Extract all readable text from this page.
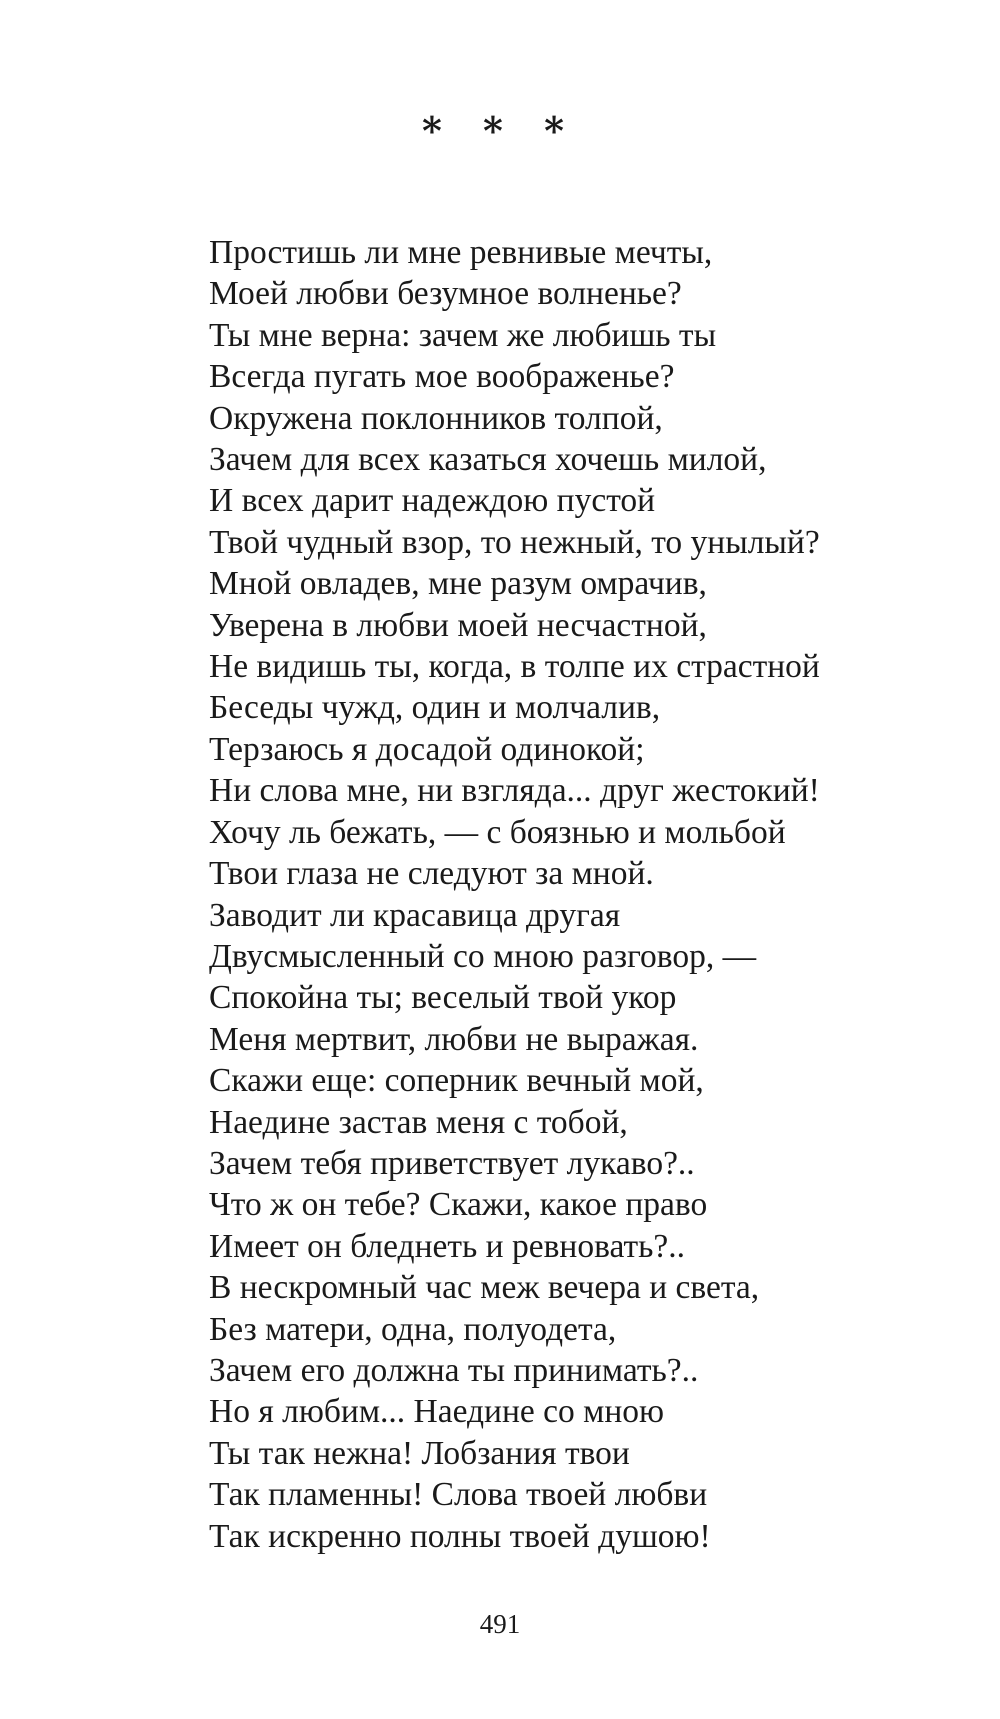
* * *
Простишь ли мне ревнивые мечты,
Моей любви безумное волненье?
Ты мне верна: зачем же любишь ты
Всегда пугать мое воображенье?
Окружена поклонников толпой,
Зачем для всех казаться хочешь милой,
И всех дарит надеждою пустой
Твой чудный взор, то нежный, то унылый?
Мной овладев, мне разум омрачив,
Уверена в любви моей несчастной,
Не видишь ты, когда, в толпе их страстной
Беседы чужд, один и молчалив,
Терзаюсь я досадой одинокой;
Ни слова мне, ни взгляда... друг жестокий!
Хочу ль бежать, — с боязнью и мольбой
Твои глаза не следуют за мной.
Заводит ли красавица другая
Двусмысленный со мною разговор, —
Спокойна ты; веселый твой укор
Меня мертвит, любви не выражая.
Скажи еще: соперник вечный мой,
Наедине застав меня с тобой,
Зачем тебя приветствует лукаво?..
Что ж он тебе? Скажи, какое право
Имеет он бледнеть и ревновать?..
В нескромный час меж вечера и света,
Без матери, одна, полуодета,
Зачем его должна ты принимать?..
Но я любим... Наедине со мною
Ты так нежна! Лобзания твои
Так пламенны! Слова твоей любви
Так искренно полны твоей душою!
491
